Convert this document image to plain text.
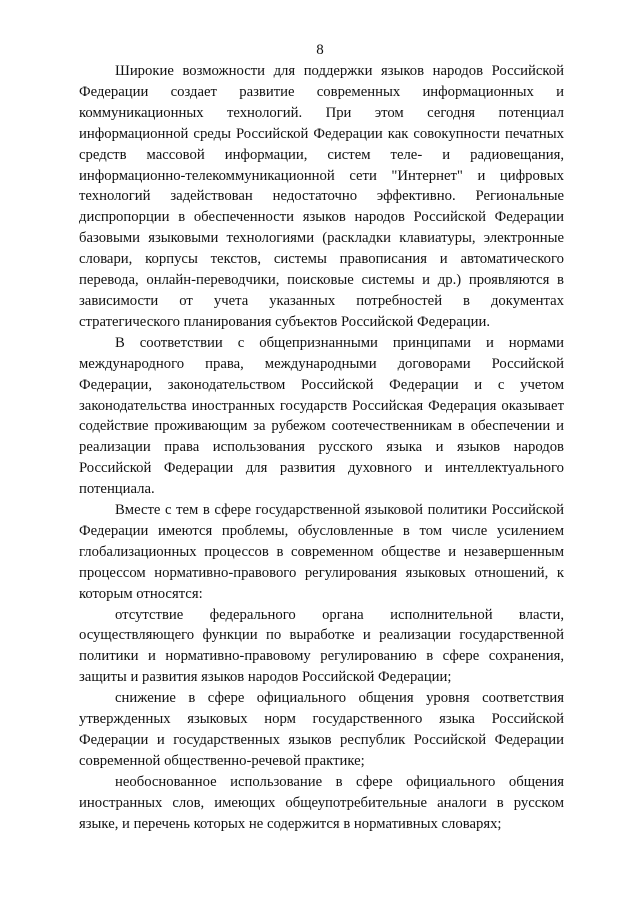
8

Широкие возможности для поддержки языков народов Российской Федерации создает развитие современных информационных и коммуникационных технологий. При этом сегодня потенциал информационной среды Российской Федерации как совокупности печатных средств массовой информации, систем теле- и радиовещания, информационно-телекоммуникационной сети "Интернет" и цифровых технологий задействован недостаточно эффективно. Региональные диспропорции в обеспеченности языков народов Российской Федерации базовыми языковыми технологиями (раскладки клавиатуры, электронные словари, корпусы текстов, системы правописания и автоматического перевода, онлайн-переводчики, поисковые системы и др.) проявляются в зависимости от учета указанных потребностей в документах стратегического планирования субъектов Российской Федерации.

В соответствии с общепризнанными принципами и нормами международного права, международными договорами Российской Федерации, законодательством Российской Федерации и с учетом законодательства иностранных государств Российская Федерация оказывает содействие проживающим за рубежом соотечественникам в обеспечении и реализации права использования русского языка и языков народов Российской Федерации для развития духовного и интеллектуального потенциала.

Вместе с тем в сфере государственной языковой политики Российской Федерации имеются проблемы, обусловленные в том числе усилением глобализационных процессов в современном обществе и незавершенным процессом нормативно-правового регулирования языковых отношений, к которым относятся:

отсутствие федерального органа исполнительной власти, осуществляющего функции по выработке и реализации государственной политики и нормативно-правовому регулированию в сфере сохранения, защиты и развития языков народов Российской Федерации;

снижение в сфере официального общения уровня соответствия утвержденных языковых норм государственного языка Российской Федерации и государственных языков республик Российской Федерации современной общественно-речевой практике;

необоснованное использование в сфере официального общения иностранных слов, имеющих общеупотребительные аналоги в русском языке, и перечень которых не содержится в нормативных словарях;
